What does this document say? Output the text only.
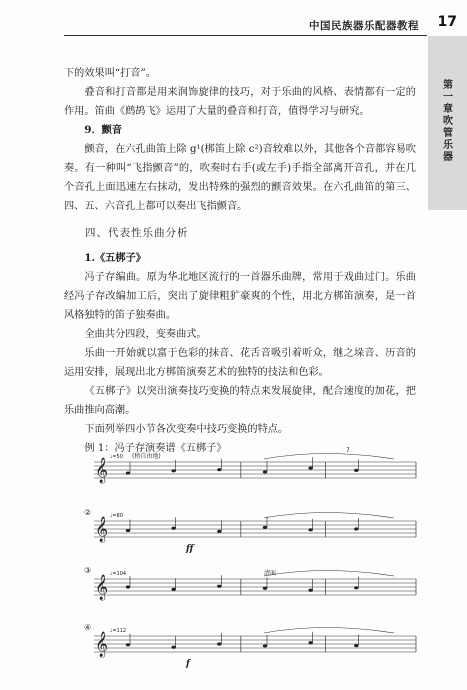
中国民族器乐配器教程 17
第一章 吹管乐器

下的效果叫“打音”。

叠音和打音都是用来润饰旋律的技巧，对于乐曲的风格、表情都有一定的作用。笛曲《鹧鸪飞》运用了大量的叠音和打音，值得学习与研究。

9．颤音

颤音，在六孔曲笛上除 g¹(梆笛上除 c²)音较难以外，其他各个音都容易吹奏。有一种叫“飞指颤音”的，吹奏时右手(或左手)手指全部离开音孔，并在几个音孔上面迅速左右抹动，发出特殊的强烈的颤音效果。在六孔曲笛的第三、四、五、六音孔上都可以奏出飞指颤音。

四、代表性乐曲分析

1.《五梆子》

冯子存编曲。原为华北地区流行的一首器乐曲牌，常用于戏曲过门。乐曲经冯子存改编加工后，突出了旋律粗犷豪爽的个性，用北方梆笛演奏，是一首风格独特的笛子独奏曲。

全曲共分四段，变奏曲式。

乐曲一开始就以富于色彩的抹音、花舌音吸引着听众，继之垛音、历音的运用安排，展现出北方梆笛演奏艺术的独特的技法和色彩。

《五梆子》以突出演奏技巧变换的特点来发展旋律，配合速度的加花，把乐曲推向高潮。

下面列举四小节各次变奏中技巧变换的特点。

例 1：冯子存演奏谱《五梆子》

𝄞
♩=50 (稍自由地)
𝄞
②	♩=80
ff
𝄞
③	♩=104
𝄞
④	♩=112
f
清面
7
